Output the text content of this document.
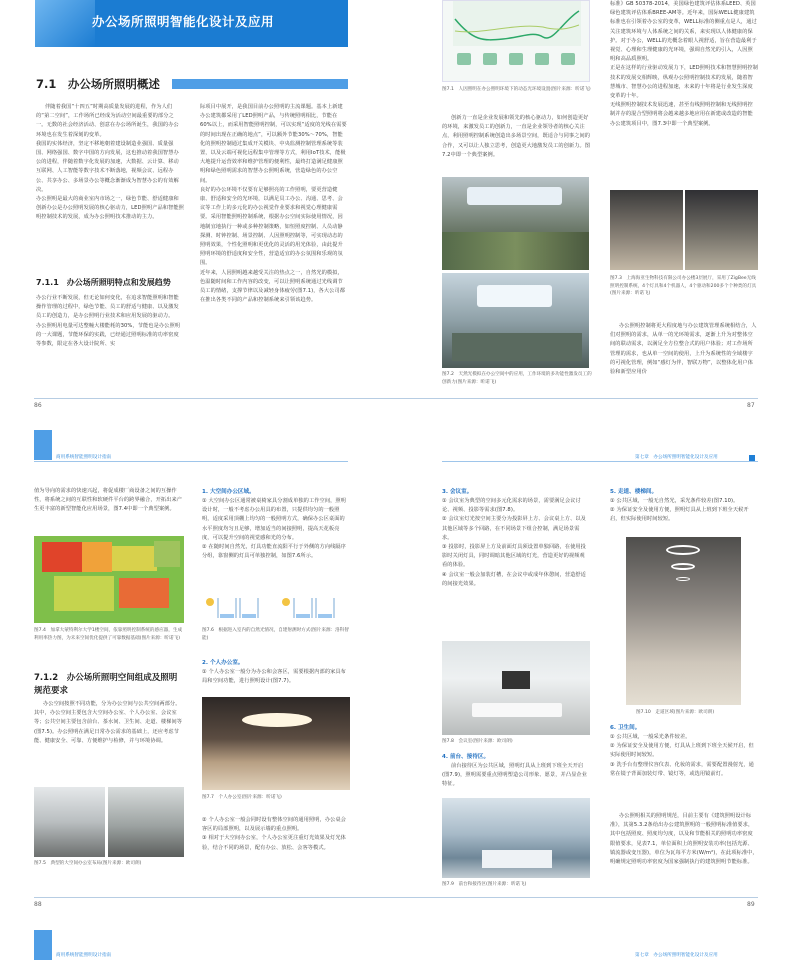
办公场所照明智能化设计及应用
7.1　办公场所照明概述
伴随着我国“十四五”时期高质量发展的进程，作为人们的“第二空间”，工作场所已经成为活动空间最重要的部分之一。无数的社会经济活动、创意在办公场所诞生，我国的办公环境也在发生着深刻的变革。
我国的实体经济，坚定不移地朝着建设制造业强国、质量强国、网络强国、数字中国的方向发展，这也推动着我国智慧办公的进程，伴随着数字化发展的加速，大数据、云计算、移动互联网、人工智能等数字技术不断落地，视频会议、远程办公、共享办公、多场景办公等概念渐渐成为智慧办公的有效解决。
办公照明是最大的商业室内市场之一，绿色节能、舒适健康和创新办公是办公照明发展的核心驱动力，LED照明产品和智能照明控制技术的发展，成为办公照明技术推动的主力。
7.1.1　办公场所照明特点和发展趋势
办公行业不断发展，但无论如何变化，在追求智能照明和智能操作管理的过程中，绿色节能、员工的舒适与健康、以及激发员工的创造力，是办公照明行业技术和应用发展的驱动力。
办公照明用电量可达整幢大楼能耗的30%，节能也是办公照明的一大课题，节能环保的实践，已经通过照明标准的功率密度等参数，限定在各大设计院所、实
际项目中展开，是我国目前办公照明的主流课题。基本上新建办公建筑都采用了LED照明产品，与传统照明相比，节能在60%以上，而采用智能照明控制，可以实现“适度的光线在需要的时间出现在正确的地点”，可以额外节能30%～70%，智能化的照明控制通过集成开关模块、中央监测控制管理系统等装置，以及云端可视化远程集中管理等方式，利用IoT技术，能极大地提升运营效率和维护管理的便利性，最终打造满足健康照明和绿色照明需求的智慧办公照明系统，营造绿色的办公空间。
良好的办公环境不仅要有足够照亮的工作照明，要更营造健康、舒适和安全的光环境，以满足员工办公、沟通、思考、会议等工作上的多元化的办公视觉作业要求和视觉心理健康需要。采用智能照明控制系统，根据办公空间实际使用情况，因地制宜地执行一种或多种控制策略，如恒照度控制、人员动静探测、时钟控制、场景控制、人因照明控制等，可实现动态的照明效果，个性化照明和更优化的灵活的用光体验，由此提升照明环境的舒适度和安全性，营造适宜的办公氛围和乐观的氛围。
近年来，人因照明越来越受关注的热点之一，自然光的模拟，色温随时间和工作内容的改变，可以让照明系统通过光线调节员工的情绪，支撑节律以及减轻身体疲劳(图7.1)，各大公司都在推出各类不同的产品和控制系统来引领该趋势。
图7.1　人因照明在办公照明环境下的动态光环境设置(图片来源：昕诺飞)
创新力一直是企业发展和领先的核心驱动力，如何创造更好的环境，来激发员工的创新力，一直是企业领导者的核心关注点，利用照明控制系统创造出多场景空间，既适合与同事之间的合作，又可以让人独立思考，创造更大地激发员工的创新力。图7.2中即一个典型案例。
图7.2　天然光模拟在办公空间中的应用，工作环境的多功能性激发员工的创新力(图片来源：昕诺飞)
标准》GB 50378-2014，美国绿色建筑评估体系LEED、英国绿色建筑评估体系BREE-AM等。近年来，国际WELL健康建筑标准也在引领着办公室的变革，WELL标准的侧重点是人，通过关注建筑环境与人体系统之间的关系，来实现以人体健康的保护。对于办公，WELL的光概念着眼人视舒适，旨在营造最利于视觉、心理和生理健康的光环境，强调自然光的引入，人因照明和高品质照明。
正是在这样的行业驱动发展力下，LED照明技术和智慧照明控制技术的发展交相辉映，纵观办公照明控制技术的发展，随着智慧城市、智慧办公的进程加速，未来的十年将是行业发生深度变革的十年。
无线照明控制技术发展迅速，甚至有线照明控制和无线照明控制并存的混合型照明将会越来越多地应用在新建或改造的智能办公建筑项目中，图7.3中即一个典型案例。
图7.3　上海海亚生物科技有限公司办公楼3层展厅，采用了ZigBee无线照明控制系统，4个灯具和4个机器人，4个驱动和200多个个种类的灯具(图片来源：昕诺飞)
办公照明控制将更大程度地与办公建筑管理系统相结合，人们对照明的需求，从单一的光环境需求，逐渐上升为对整体空间的联动需求，以满足全方位整合式的用户体验；对工作场所管理的需求，也从单一空间的使用，上升为系统性的全域楼宇的可视化管理，例如“感灯为伴，智联万物”，以整体化用户体验和新型应用价
86	87
商用系统智能照明设计指南	第七章　办公场所照明智能化设计及应用
值为导向的需求的快速兴起，将促成楼厂商设备之间的互操作性，将系统之间的互联性和软硬件平台的跨界融合，开拓出来产生更丰富的新型智能化应用场景，图7.4中即一个典型案例。
图7.4　加拿大蒙特利尔大学1楼空间，依靠照明控制系统的感应器，生成利用率热力图，为未来空间优化提供了可靠数据基础(图片来源：昕诺飞)
7.1.2　办公场所照明空间组成及照明规范要求
办公空间按照不同功能，分为办公空间与公共空间两部分。其中，办公空间主要包含大空间办公室、个人办公室、会议室等；公共空间主要包含前台、茶水间、卫生间、走道、楼梯间等(图7.5)。办公照明在满足日常办公需求的基础上，还应考虑节能、健康安全、可靠、方便维护与检修，并与环境协调。
图7.5　典型的大空间办公室布局(图片来源：欧司朗)
1. 大空间办公区域。
① 大空间办公区通常被桌椅家具分割成单独的工作空间，照明设计时，一般不考虑办公用具的布置，只提供均匀的一般照明，适度采用顶棚上均匀的一般照明方式，确保办公区桌面的水平照度均匀且足够，增加适当的间接照明，提高天花板亮度，可以提升空间的视觉感和光的分布。
② 在随时间自然光，灯具功能直流阳平行于外侧的方向线隔序分组，靠窗侧的灯具可单独控制，如图7.6所示。
图7.6　根据进入室内的自然光情况，自建射测时方式(图片来源：洛科智能)
2. 个人办公室。
① 个人办公室一般分为办公和会客区，需要根据内部的家具布局和空间功能，进行照明设计(图7.7)。
图7.7　个人办公室(图片来源：昕诺飞)
② 个人办公室一般会同时设有整体空间的通用照明，办公桌会客区的局部照明，以及展示墙的重点照明。
③ 相对于大空间办公室，个人办公室更注重灯光效果及灯光体验，结合不同的场景，配有办公、放松、会客等模式。
3. 会议室。
① 会议室为典型的空间多元化需求的场景，需要满足会议讨论、视频、投影等需求(图7.8)。
② 会议室灯光按空间主要分为投影屏上方、会议桌上方、以及其他区域等多个回路，在不同场景下组合控制，满足场景需求。
③ 投影时，投影屏上方及前面灯具须设置单独回路，在使用投影时关闭灯具，同时调暗其他区域的灯光，营造更好的视频观看的体验。
④ 会议室一般会加装灯槽，在会议中或成年休憩间，营造舒适的间接光效果。
图7.8　会议室(图片来源：欧司朗)
4. 前台、接待区。
前台接待区为公共区域，照明灯具从上班到下班全天开启(图7.9)，照明需要重点照明塑造公司形象、愿景，并凸显企业特征。
图7.9　前台和接待区(图片来源：昕诺飞)
5. 走道、楼梯间。
① 公共区域，一般无自然光，采光条件较差(图7.10)。
② 为保证安全及使用方便，照明灯具从上班到下班全天候开启，但实际使用时间较短。
图7.10　走道区域(图片来源：欧司朗)
6. 卫生间。
① 公共区域，一般采光条件较差。
② 为保证安全及使用方便，灯具从上班到下班全天候开启，但实际使用时间较短。
③ 洗手台有整理仪容仪表、化妆的需求，需要配置漫射光，通常在镜子背面加装灯带、镜灯等，或选用镜前灯。
办公照明相关的照明规范，目前主要有《建筑照明设计标准》，其第5.3.2条给出办公建筑照明的一般照明标准值要求，其中包括照度、照度均匀度，以及和节能相关的照明功率密度限值要求，见表7.1，单位面积上的照明安装功率(包括光源、镇流器或变压器)，单位为瓦每平方米(W/m²)，在此项标准中，明确规定照明功率密度为国家强制执行的建筑照明节能标准。
88	89
商用系统智能照明设计指南	第七章　办公场所照明智能化设计及应用
